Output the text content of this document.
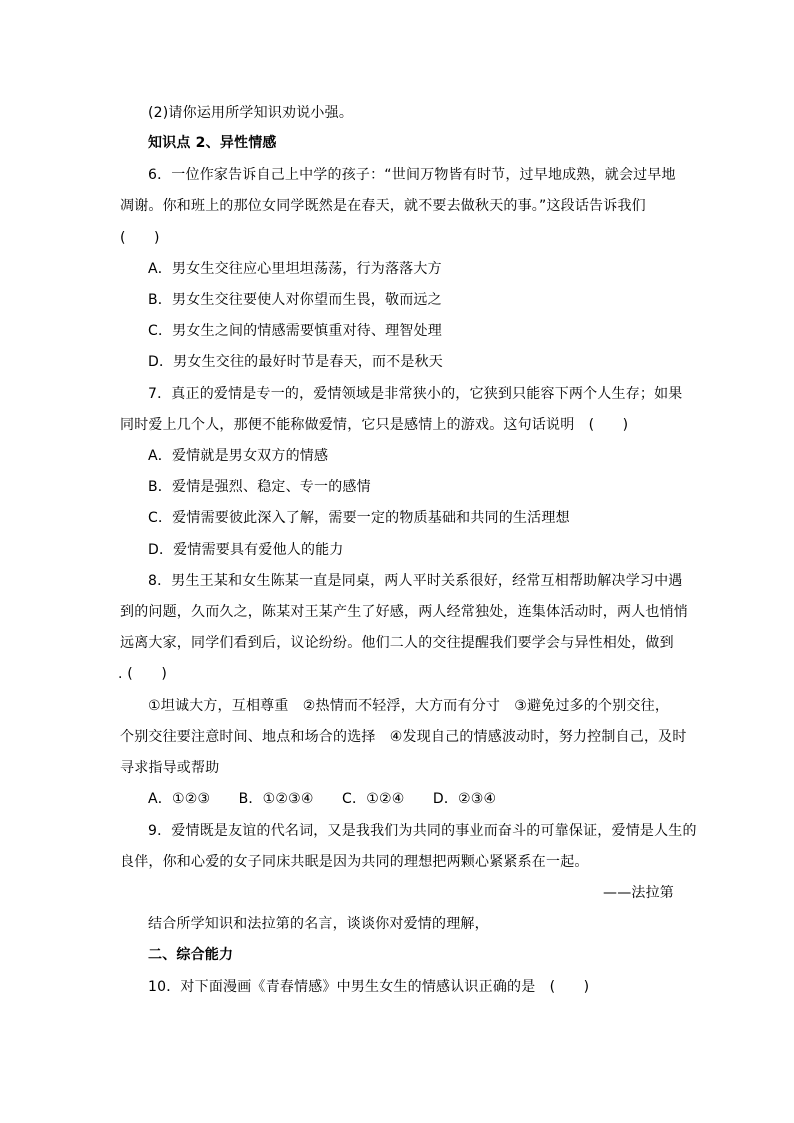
(2)请你运用所学知识劝说小强。
知识点 2、异性情感
6．一位作家告诉自己上中学的孩子：“世间万物皆有时节，过早地成熟，就会过早地
凋谢。你和班上的那位女同学既然是在春天，就不要去做秋天的事。”这段话告诉我们
(　　)
A．男女生交往应心里坦坦荡荡，行为落落大方
B．男女生交往要使人对你望而生畏，敬而远之
C．男女生之间的情感需要慎重对待、理智处理
D．男女生交往的最好时节是春天，而不是秋天
7．真正的爱情是专一的，爱情领域是非常狭小的，它狭到只能容下两个人生存；如果
同时爱上几个人，那便不能称做爱情，它只是感情上的游戏。这句话说明　(　　)
A．爱情就是男女双方的情感
B．爱情是强烈、稳定、专一的感情
C．爱情需要彼此深入了解，需要一定的物质基础和共同的生活理想
D．爱情需要具有爱他人的能力
8．男生王某和女生陈某一直是同桌，两人平时关系很好，经常互相帮助解决学习中遇
到的问题，久而久之，陈某对王某产生了好感，两人经常独处，连集体活动时，两人也悄悄
远离大家，同学们看到后，议论纷纷。他们二人的交往提醒我们要学会与异性相处，做到
. (　　)
①坦诚大方，互相尊重　②热情而不轻浮，大方而有分寸　③避免过多的个别交往，
个别交往要注意时间、地点和场合的选择　④发现自己的情感波动时，努力控制自己，及时
寻求指导或帮助
A．①②③　　B．①②③④　　C．①②④　　D．②③④
9．爱情既是友谊的代名词，又是我我们为共同的事业而奋斗的可靠保证，爱情是人生的
良伴，你和心爱的女子同床共眠是因为共同的理想把两颗心紧紧系在一起。
——法拉第
结合所学知识和法拉第的名言，谈谈你对爱情的理解，
二、综合能力
10．对下面漫画《青春情感》中男生女生的情感认识正确的是　(　　)
